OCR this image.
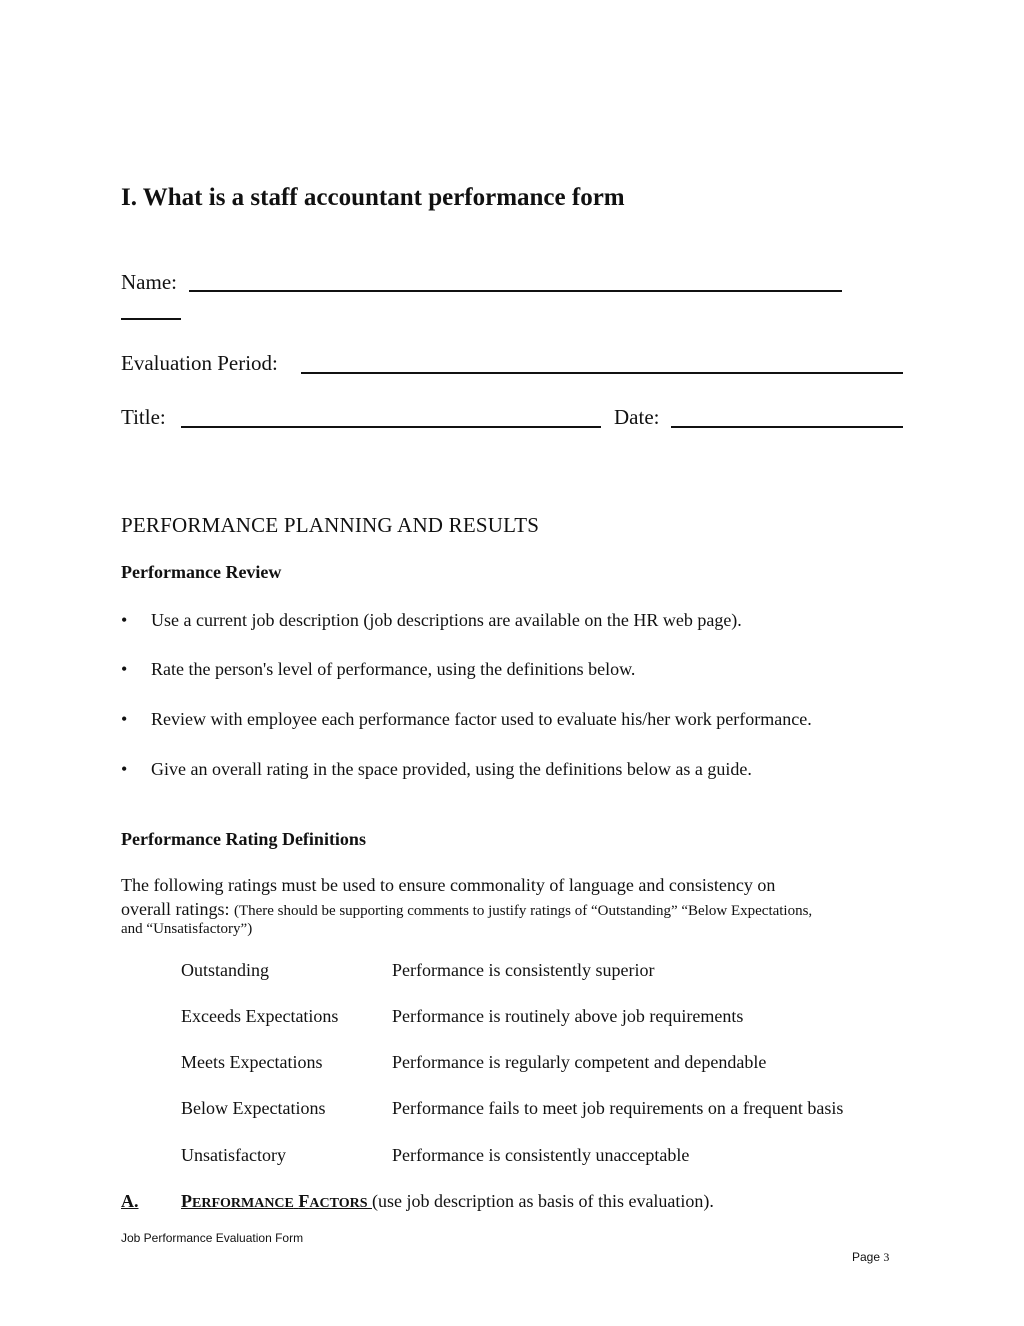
I. What is a staff accountant performance form
Name:
Evaluation Period:
Title:	Date:
PERFORMANCE PLANNING AND RESULTS
Performance Review
• Use a current job description (job descriptions are available on the HR web page).
• Rate the person's level of performance, using the definitions below.
• Review with employee each performance factor used to evaluate his/her work performance.
• Give an overall rating in the space provided, using the definitions below as a guide.
Performance Rating Definitions
The following ratings must be used to ensure commonality of language and consistency on
overall ratings: (There should be supporting comments to justify ratings of “Outstanding” “Below Expectations,
and “Unsatisfactory”)
Outstanding	Performance is consistently superior
Exceeds Expectations	Performance is routinely above job requirements
Meets Expectations	Performance is regularly competent and dependable
Below Expectations	Performance fails to meet job requirements on a frequent basis
Unsatisfactory	Performance is consistently unacceptable
A. PERFORMANCE FACTORS (use job description as basis of this evaluation).
Job Performance Evaluation Form
Page 3
